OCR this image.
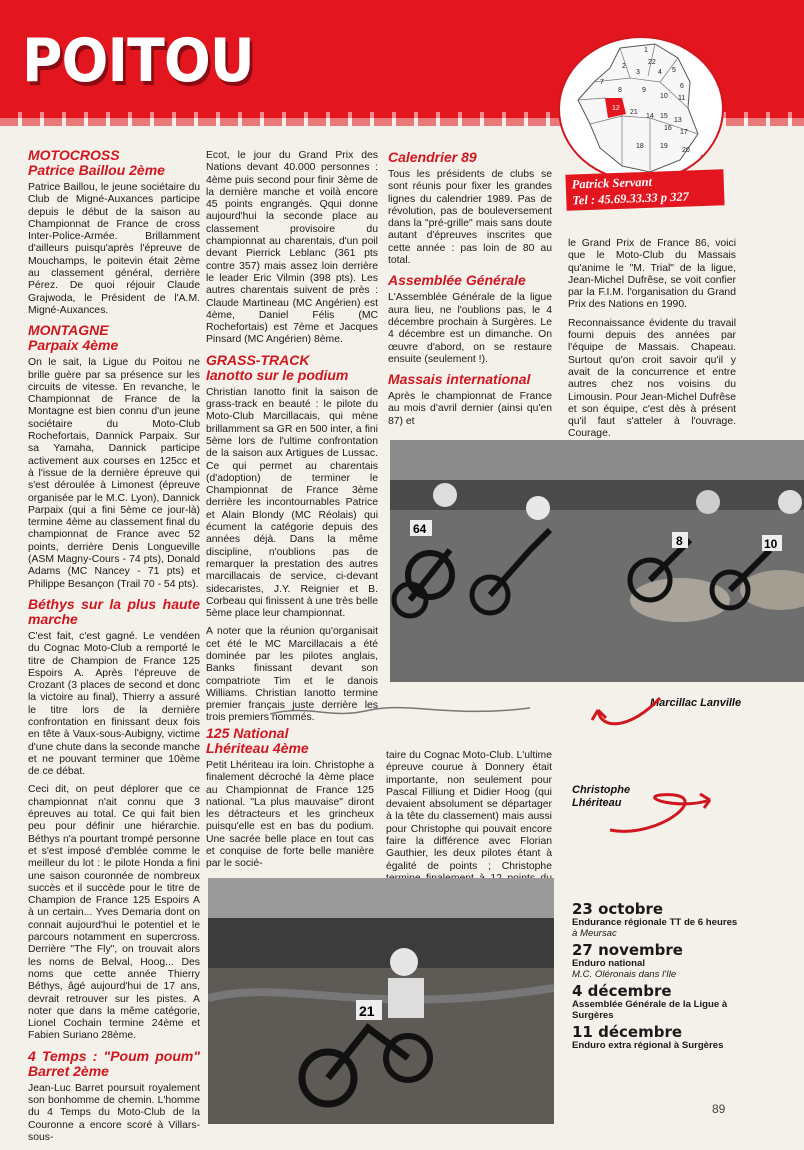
POITOU	1
22
2
3	4 5
7
6
8	9
10 11
12
21
14 15
13
16
17
18 19
20
23
Patrick Servant
Tel : 45.69.33.33 p 327
MOTOCROSS
Patrice Baillou 2ème

Patrice Baillou, le jeune sociétaire du Club de Migné-Auxances participe depuis le début de la saison au Championnat de France de cross Inter-Police-Armée. Brillamment d'ailleurs puisqu'après l'épreuve de Mouchamps, le poitevin était 2ème au classement général, derrière Pérez. De quoi réjouir Claude Grajwoda, le Président de l'A.M. Migné-Auxances.

MONTAGNE
Parpaix 4ème

On le sait, la Ligue du Poitou ne brille guère par sa présence sur les circuits de vitesse. En revanche, le Championnat de France de la Montagne est bien connu d'un jeune sociétaire du Moto-Club Rochefortais, Dannick Parpaix. Sur sa Yamaha, Dannick participe activement aux courses en 125cc et à l'issue de la dernière épreuve qui s'est déroulée à Limonest (épreuve organisée par le M.C. Lyon), Dannick Parpaix (qui a fini 5ème ce jour-là) termine 4ème au classement final du championnat de France avec 52 points, derrière Denis Longueville (ASM Magny-Cours - 74 pts), Donald Adams (MC Nancey - 71 pts) et Philippe Besançon (Trail 70 - 54 pts).

Béthys sur la plus haute marche

C'est fait, c'est gagné. Le vendéen du Cognac Moto-Club a remporté le titre de Champion de France 125 Espoirs A. Après l'épreuve de Crozant (3 places de second et donc la victoire au final), Thierry a assuré le titre lors de la dernière confrontation en finissant deux fois en tête à Vaux-sous-Aubigny, victime d'une chute dans la seconde manche et ne pouvant terminer que 10ème de ce débat.

Ceci dit, on peut déplorer que ce championnat n'ait connu que 3 épreuves au total. Ce qui fait bien peu pour définir une hiérarchie. Béthys n'a pourtant trompé personne et s'est imposé d'emblée comme le meilleur du lot : le pilote Honda a fini une saison couronnée de nombreux succès et il succède pour le titre de Champion de France 125 Espoirs A à un certain... Yves Demaria dont on connait aujourd'hui le potentiel et le parcours notamment en supercross. Derrière "The Fly", on trouvait alors les noms de Belval, Hoog... Des noms que cette année Thierry Béthys, âgé aujourd'hui de 17 ans, devrait retrouver sur les pistes. A noter que dans la même catégorie, Lionel Cochain termine 24ème et Fabien Suriano 28ème.

4 Temps : "Poum poum" Barret 2ème

Jean-Luc Barret poursuit royalement son bonhomme de chemin. L'homme du 4 Temps du Moto-Club de la Couronne a encore scoré à Villars-sous-

Ecot, le jour du Grand Prix des Nations devant 40.000 personnes : 4ème puis second pour finir 3ème de la dernière manche et voilà encore 45 points engrangés. Qqui donne aujourd'hui la seconde place au classement provisoire du championnat au charentais, d'un poil devant Pierrick Leblanc (361 pts contre 357) mais assez loin derrière le leader Eric Vilmin (398 pts). Les autres charentais suivent de près : Claude Martineau (MC Angérien) est 4ème, Daniel Félis (MC Rochefortais) est 7ème et Jacques Pinsard (MC Angérien) 8ème.

GRASS-TRACK
Ianotto sur le podium

Christian Ianotto finit la saison de grass-track en beauté : le pilote du Moto-Club Marcillacais, qui mène brillamment sa GR en 500 inter, a fini 5ème lors de l'ultime confrontation de la saison aux Artigues de Lussac. Ce qui permet au charentais (d'adoption) de terminer le Championnat de France 3ème derrière les incontournables Patrice et Alain Blondy (MC Réolais) qui écument la catégorie depuis des années déjà. Dans la même discipline, n'oublions pas de remarquer la prestation des autres marcillacais de service, ci-devant sidecaristes, J.Y. Reignier et B. Corbeau qui finissent à une très belle 5ème place leur championnat.

A noter que la réunion qu'organisait cet été le MC Marcillacais a été dominée par les pilotes anglais, Banks finissant devant son compatriote Tim et le danois Williams. Christian Ianotto termine premier français juste derrière les trois premiers nommés.

Calendrier 89

Tous les présidents de clubs se sont réunis pour fixer les grandes lignes du calendrier 1989. Pas de révolution, pas de bouleversement dans la "pré-grille" mais sans doute autant d'épreuves inscrites que cette année : pas loin de 80 au total.

Assemblée Générale

L'Assemblée Générale de la ligue aura lieu, ne l'oublions pas, le 4 décembre prochain à Surgères. Le 4 décembre est un dimanche. On œuvre d'abord, on se restaure ensuite (seulement !).

Massais international

Après le championnat de France au mois d'avril dernier (ainsi qu'en 87) et

le Grand Prix de France 86, voici que le Moto-Club du Massais qu'anime le "M. Trial" de la ligue, Jean-Michel Dufrêse, se voit confier par la F.I.M. l'organisation du Grand Prix des Nations en 1990.

Reconnaissance évidente du travail fourni depuis des années par l'équipe de Massais. Chapeau. Surtout qu'on croit savoir qu'il y avait de la concurrence et entre autres chez nos voisins du Limousin. Pour Jean-Michel Dufrêse et son équipe, c'est dès à présent qu'il faut s'atteler à l'ouvrage. Courage.

64
8	10
Marcillac Lanville
Christophe
Lhériteau
125 National
Lhériteau 4ème

Petit Lhériteau ira loin. Christophe a finalement décroché la 4ème place au Championnat de France 125 national. "La plus mauvaise" diront les détracteurs et les grincheux puisqu'elle est en bas du podium. Une sacrée belle place en tout cas et conquise de forte belle manière par le socié-

taire du Cognac Moto-Club. L'ultime épreuve courue à Donnery était importante, non seulement pour Pascal Filliung et Didier Hoog (qui devaient absolument se départager à la tête du classement) mais aussi pour Christophe qui pouvait encore faire la différence avec Florian Gauthier, les deux pilotes étant à égalité de points ; Christophe

21
23 octobre
Endurance régionale TT de 6 heures
à Meursac
27 novembre
Enduro national
M.C. Oléronais dans l'Ile
4 décembre
Assemblée Générale de la Ligue à Surgères
11 décembre
Enduro extra régional à Surgères
89
